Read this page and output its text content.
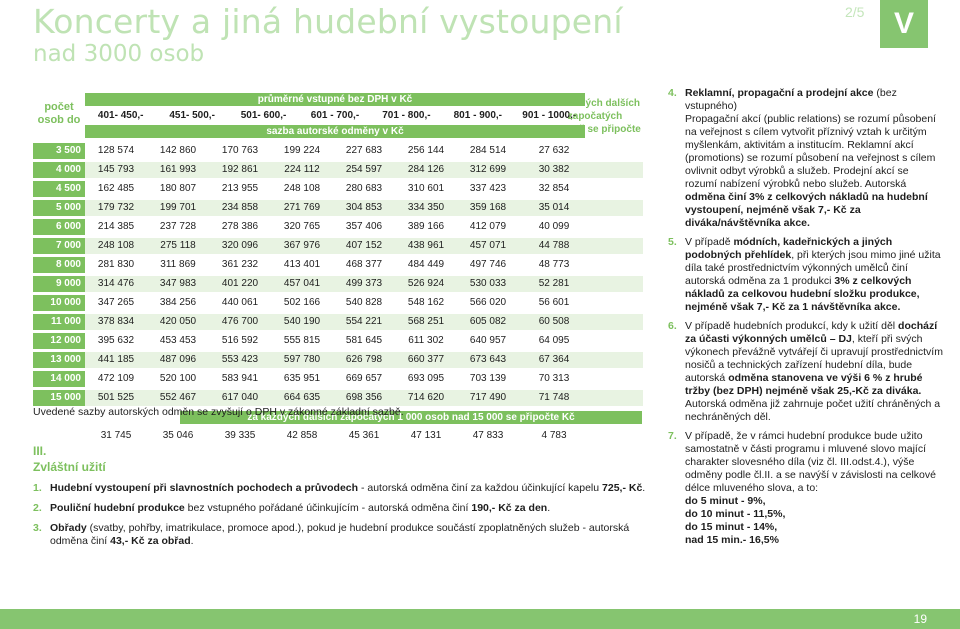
Koncerty a jiná hudební vystoupení
nad 3000 osob
2/5 V
počet
osob do
průměrné vstupné bez DPH v Kč
401- 450,-	451- 500,-	501- 600,-	601 - 700,-	701 - 800,-	801 - 900,-	901 - 1000,-
sazba autorské odměny v Kč
za každých dalších
započatých
100,-Kč se připočte
3 500	128 574	142 860	170 763	199 224	227 683	256 144	284 514	27 632
4 000	145 793	161 993	192 861	224 112	254 597	284 126	312 699	30 382
4 500	162 485	180 807	213 955	248 108	280 683	310 601	337 423	32 854
5 000	179 732	199 701	234 858	271 769	304 853	334 350	359 168	35 014
6 000	214 385	237 728	278 386	320 765	357 406	389 166	412 079	40 099
7 000	248 108	275 118	320 096	367 976	407 152	438 961	457 071	44 788
8 000	281 830	311 869	361 232	413 401	468 377	484 449	497 746	48 773
9 000	314 476	347 983	401 220	457 041	499 373	526 924	530 033	52 281
10 000	347 265	384 256	440 061	502 166	540 828	548 162	566 020	56 601
11 000	378 834	420 050	476 700	540 190	554 221	568 251	605 082	60 508
12 000	395 632	453 453	516 592	555 815	581 645	611 302	640 957	64 095
13 000	441 185	487 096	553 423	597 780	626 798	660 377	673 643	67 364
14 000	472 109	520 100	583 941	635 951	669 657	693 095	703 139	70 313
15 000	501 525	552 467	617 040	664 635	698 356	714 620	717 490	71 748
za každých dalších započatých 1 000 osob nad 15 000 se připočte Kč
31 745	35 046	39 335	42 858	45 361	47 131	47 833	4 783
Uvedené sazby autorských odměn se zvyšují o DPH v zákonné základní sazbě.
III.
Zvláštní užití
1. Hudební vystoupení při slavnostních pochodech a průvodech - autorská odměna činí za každou účinkující kapelu 725,- Kč.
2. Pouliční hudební produkce bez vstupného pořádané účinkujícím - autorská odměna činí 190,- Kč za den.
3. Obřady (svatby, pohřby, imatrikulace, promoce apod.), pokud je hudební produkce součástí zpoplatněných služeb - autorská odměna činí 43,- Kč za obřad.
4. Reklamní, propagační a prodejní akce (bez vstupného)
Propagační akcí (public relations) se rozumí působení na veřejnost s cílem vytvořit příznivý vztah k určitým myšlenkám, aktivitám a institucím. Reklamní akcí (promotions) se rozumí působení na veřejnost s cílem ovlivnit odbyt výrobků a služeb. Prodejní akcí se rozumí nabízení výrobků nebo služeb. Autorská odměna činí 3% z celkových nákladů na hudební vystoupení, nejméně však 7,- Kč za diváka/návštěvníka akce.
5. V případě módních, kadeřnických a jiných podobných přehlídek, při kterých jsou mimo jiné užita díla také prostřednictvím výkonných umělců činí autorská odměna za 1 produkci 3% z celkových nákladů za celkovou hudební složku produkce, nejméně však 7,- Kč za 1 návštěvníka akce.
6. V případě hudebních produkcí, kdy k užití děl dochází za účasti výkonných umělců – DJ, kteří při svých výkonech převážně vytvářejí či upravují prostřednictvím nosičů a technických zařízení hudební díla, bude autorská odměna stanovena ve výši 6 % z hrubé tržby (bez DPH) nejméně však 25,-Kč za diváka. Autorská odměna již zahrnuje počet užití chráněných a nechráněných děl.
7. V případě, že v rámci hudební produkce bude užito samostatně v části programu i mluvené slovo mající charakter slovesného díla (viz čl. III.odst.4.), výše odměny podle čl.II. a se navýší v závislosti na celkové délce mluveného slova, a to:
do 5 minut - 9%,
do 10 minut - 11,5%,
do 15 minut - 14%,
nad 15 min.- 16,5%
19
